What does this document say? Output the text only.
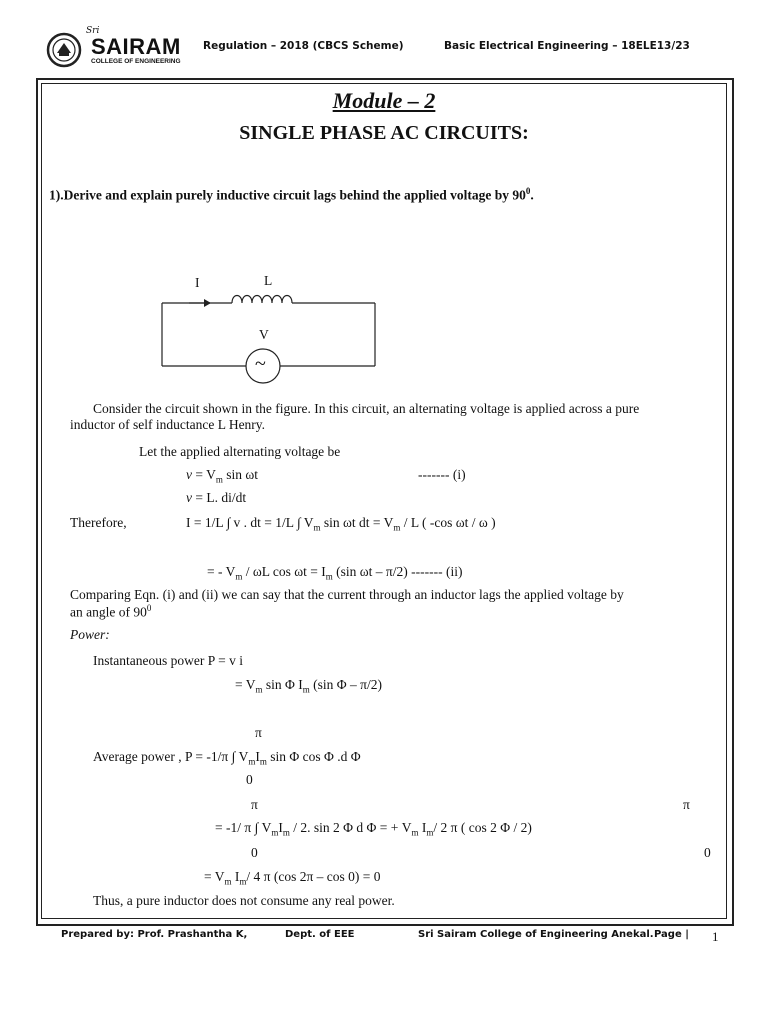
Sri
SAIRAM
COLLEGE OF ENGINEERING
Regulation – 2018 (CBCS Scheme)	Basic Electrical Engineering – 18ELE13/23
Module – 2
SINGLE PHASE AC CIRCUITS:
1).Derive and explain purely inductive circuit lags behind the applied voltage by $90^0$.
I	L
V
~
Consider the circuit shown in the figure. In this circuit, an alternating voltage is applied across a pure
inductor of self inductance L Henry.
Let the applied alternating voltage be
$v = V_m$ sin ωt	------- (i)
v = L. di/dt
Therefore,	I = 1/L ∫ v . dt = 1/L ∫ $V_m$ sin ωt dt = $V_m$ / L ( -cos ωt / ω )
= - $V_m$ / ωL $\cos \omega t = I_m$ (sin ωt – π/2) ------- (ii)
Comparing Eqn. (i) and (ii) we can say that the current through an inductor lags the applied voltage by
an angle of $90^0$
Power:
Instantaneous power P = v i
= $V_m$ sin Φ $I_m$ (sin Φ – π/2)
π
Average power , P = -1/π ∫ $V_mI_m$ sin Φ cos Φ .d Φ
0
π	π
= -1/ π ∫ $V_mI_m / 2$. sin 2 Φ d Φ = + $V_m$ $I_m/$ 2 π ( cos 2 Φ / 2)
0	0
= $V_m$ $I_m/$ 4 π (cos 2π – cos 0) = 0
Thus, a pure inductor does not consume any real power.
Prepared by: Prof. Prashantha K,	Dept. of EEE	Sri Sairam College of Engineering Anekal. Page | 1
